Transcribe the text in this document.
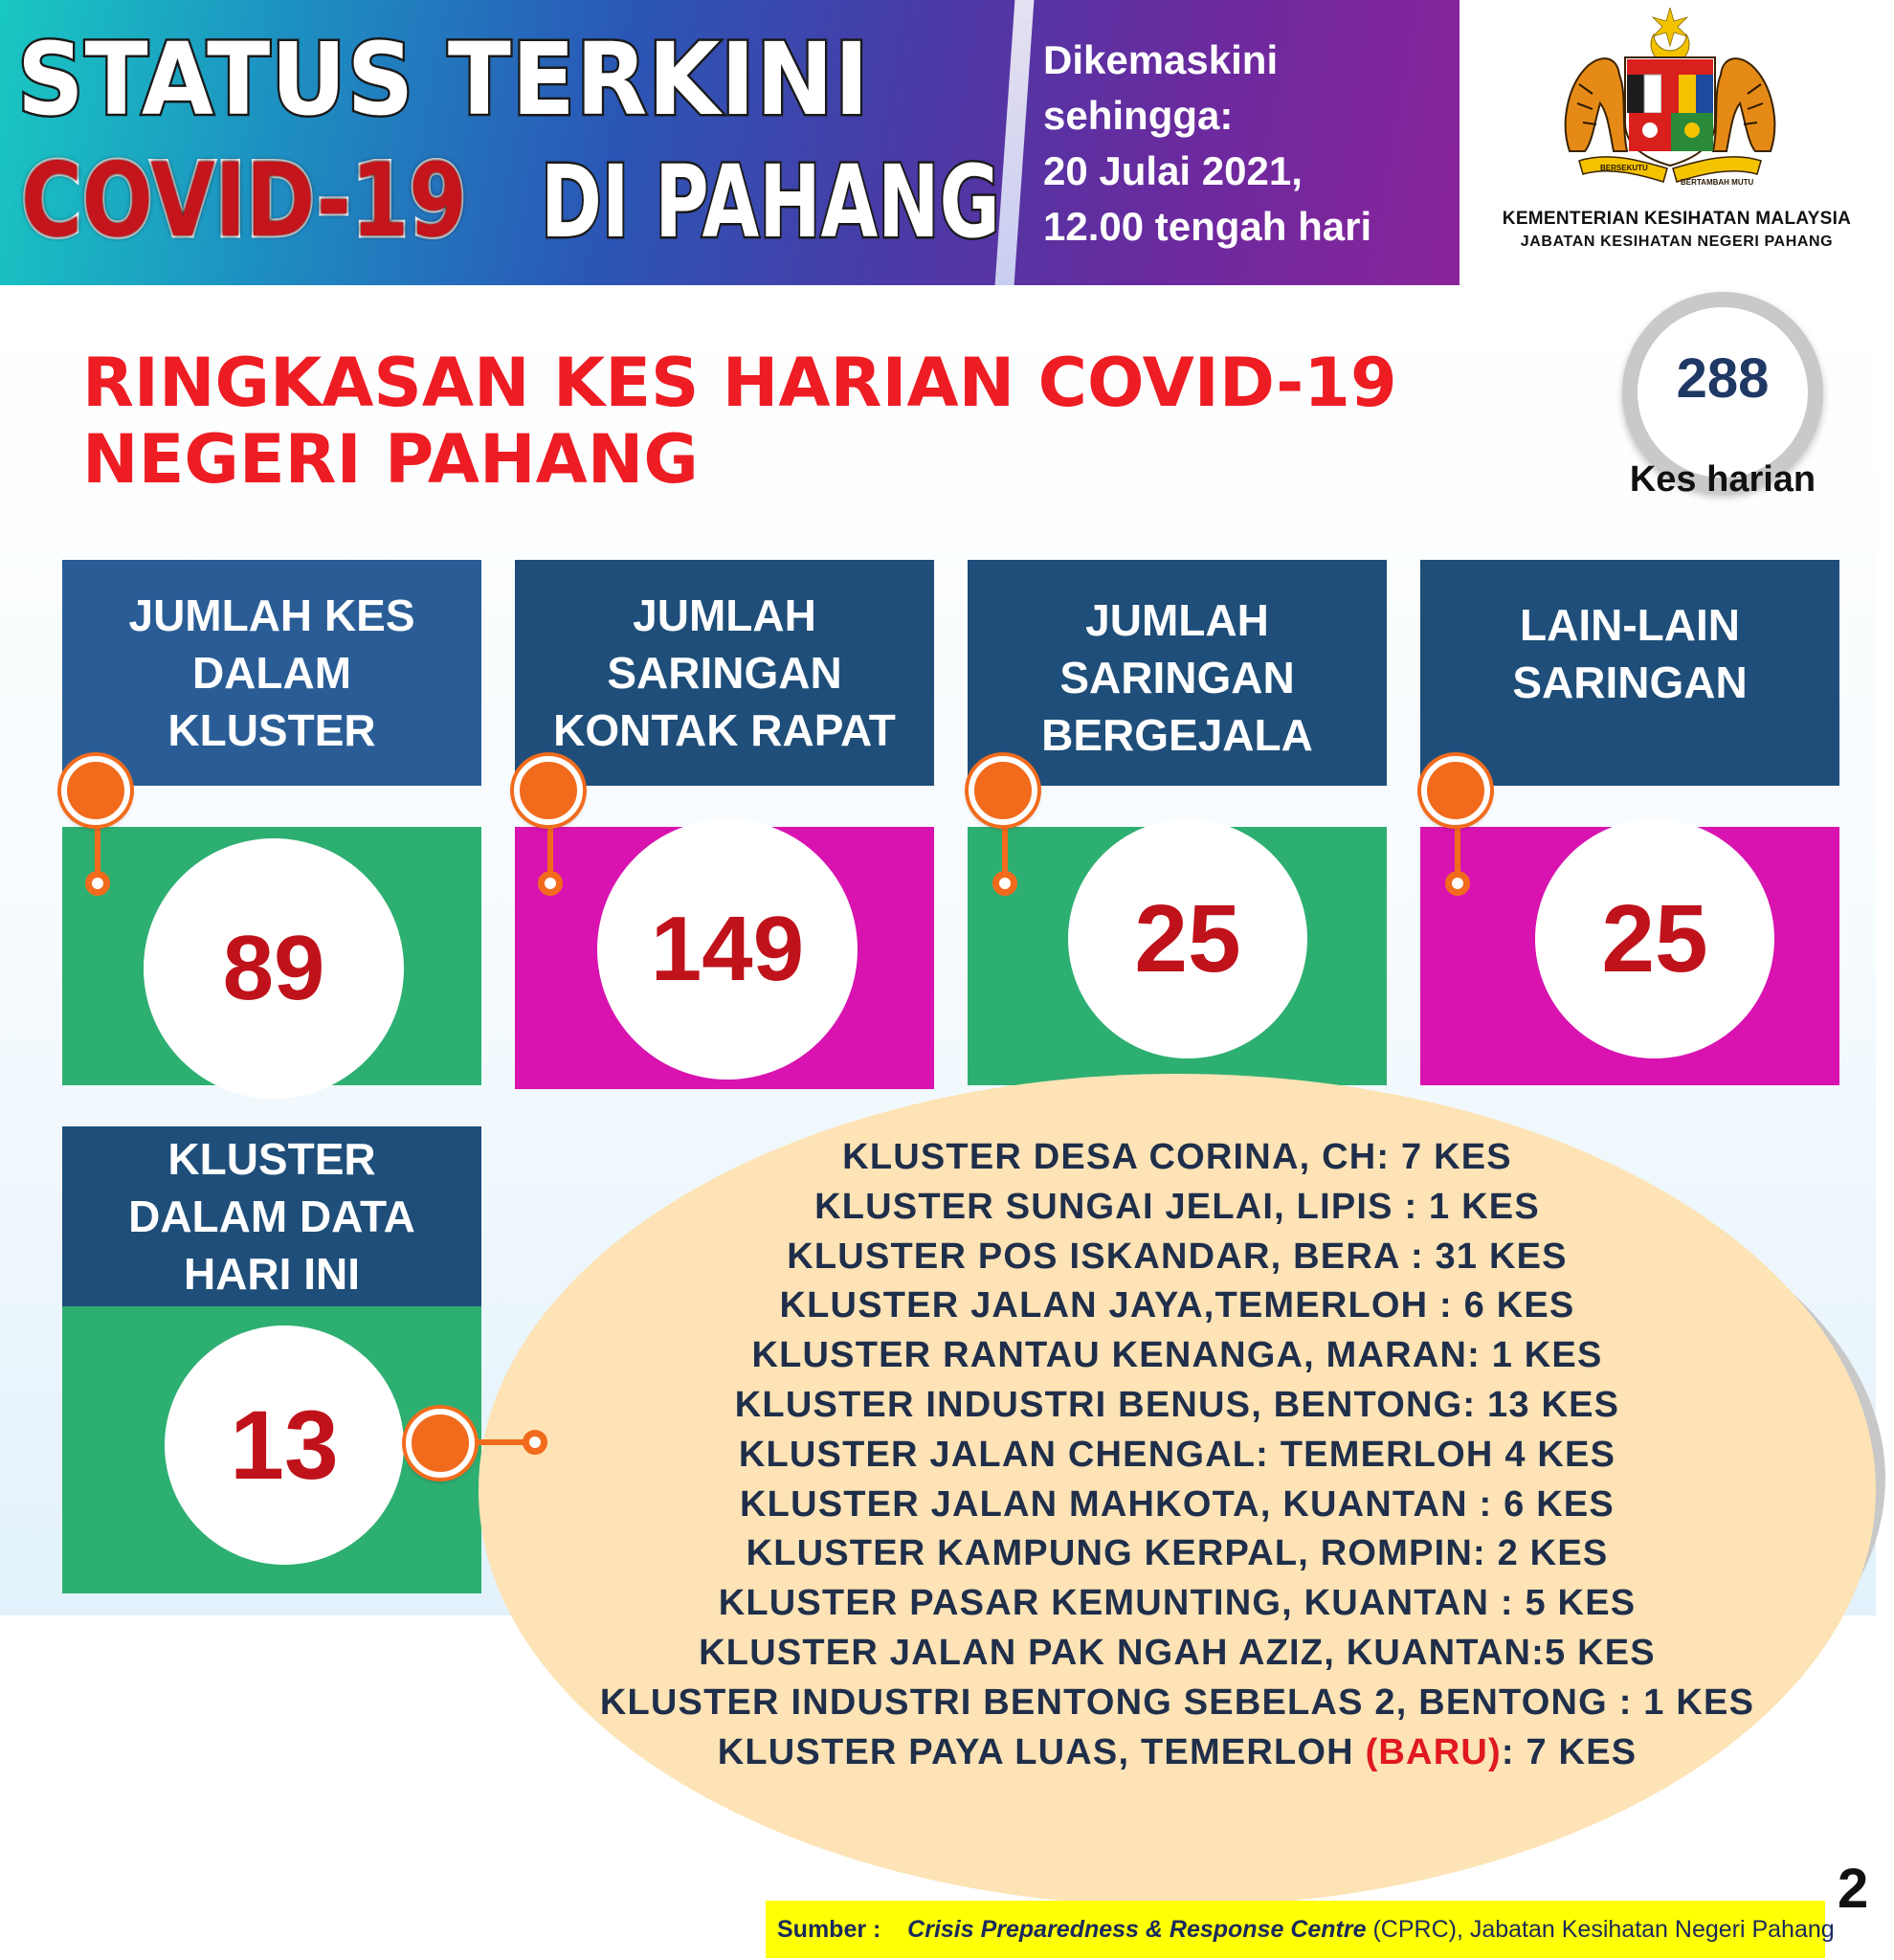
STATUS TERKINI
COVID-19 DI PAHANG
Dikemaskini sehingga:
20 Julai 2021,
12.00 tengah hari
BERSEKUTU
BERTAMBAH MUTU
KEMENTERIAN KESIHATAN MALAYSIA
JABATAN KESIHATAN NEGERI PAHANG
RINGKASAN KES HARIAN COVID-19
NEGERI PAHANG
288
Kes harian
JUMLAH KES
DALAM
KLUSTER
89
JUMLAH
SARINGAN
KONTAK RAPAT
149
JUMLAH
SARINGAN
BERGEJALA
25
LAIN-LAIN
SARINGAN
25
KLUSTER
DALAM DATA
HARI INI
13
KLUSTER DESA CORINA, CH: 7 KES
KLUSTER SUNGAI JELAI, LIPIS : 1 KES
KLUSTER POS ISKANDAR, BERA : 31 KES
KLUSTER JALAN JAYA,TEMERLOH : 6 KES
KLUSTER RANTAU KENANGA, MARAN: 1 KES
KLUSTER INDUSTRI BENUS, BENTONG: 13 KES
KLUSTER JALAN CHENGAL: TEMERLOH 4 KES
KLUSTER JALAN MAHKOTA, KUANTAN : 6 KES
KLUSTER KAMPUNG KERPAL, ROMPIN: 2 KES
KLUSTER PASAR KEMUNTING, KUANTAN : 5 KES
KLUSTER JALAN PAK NGAH AZIZ, KUANTAN:5 KES
KLUSTER INDUSTRI BENTONG SEBELAS 2, BENTONG : 1 KES
KLUSTER PAYA LUAS, TEMERLOH (BARU): 7 KES
2
Sumber : Crisis Preparedness & Response Centre (CPRC), Jabatan Kesihatan Negeri Pahang
